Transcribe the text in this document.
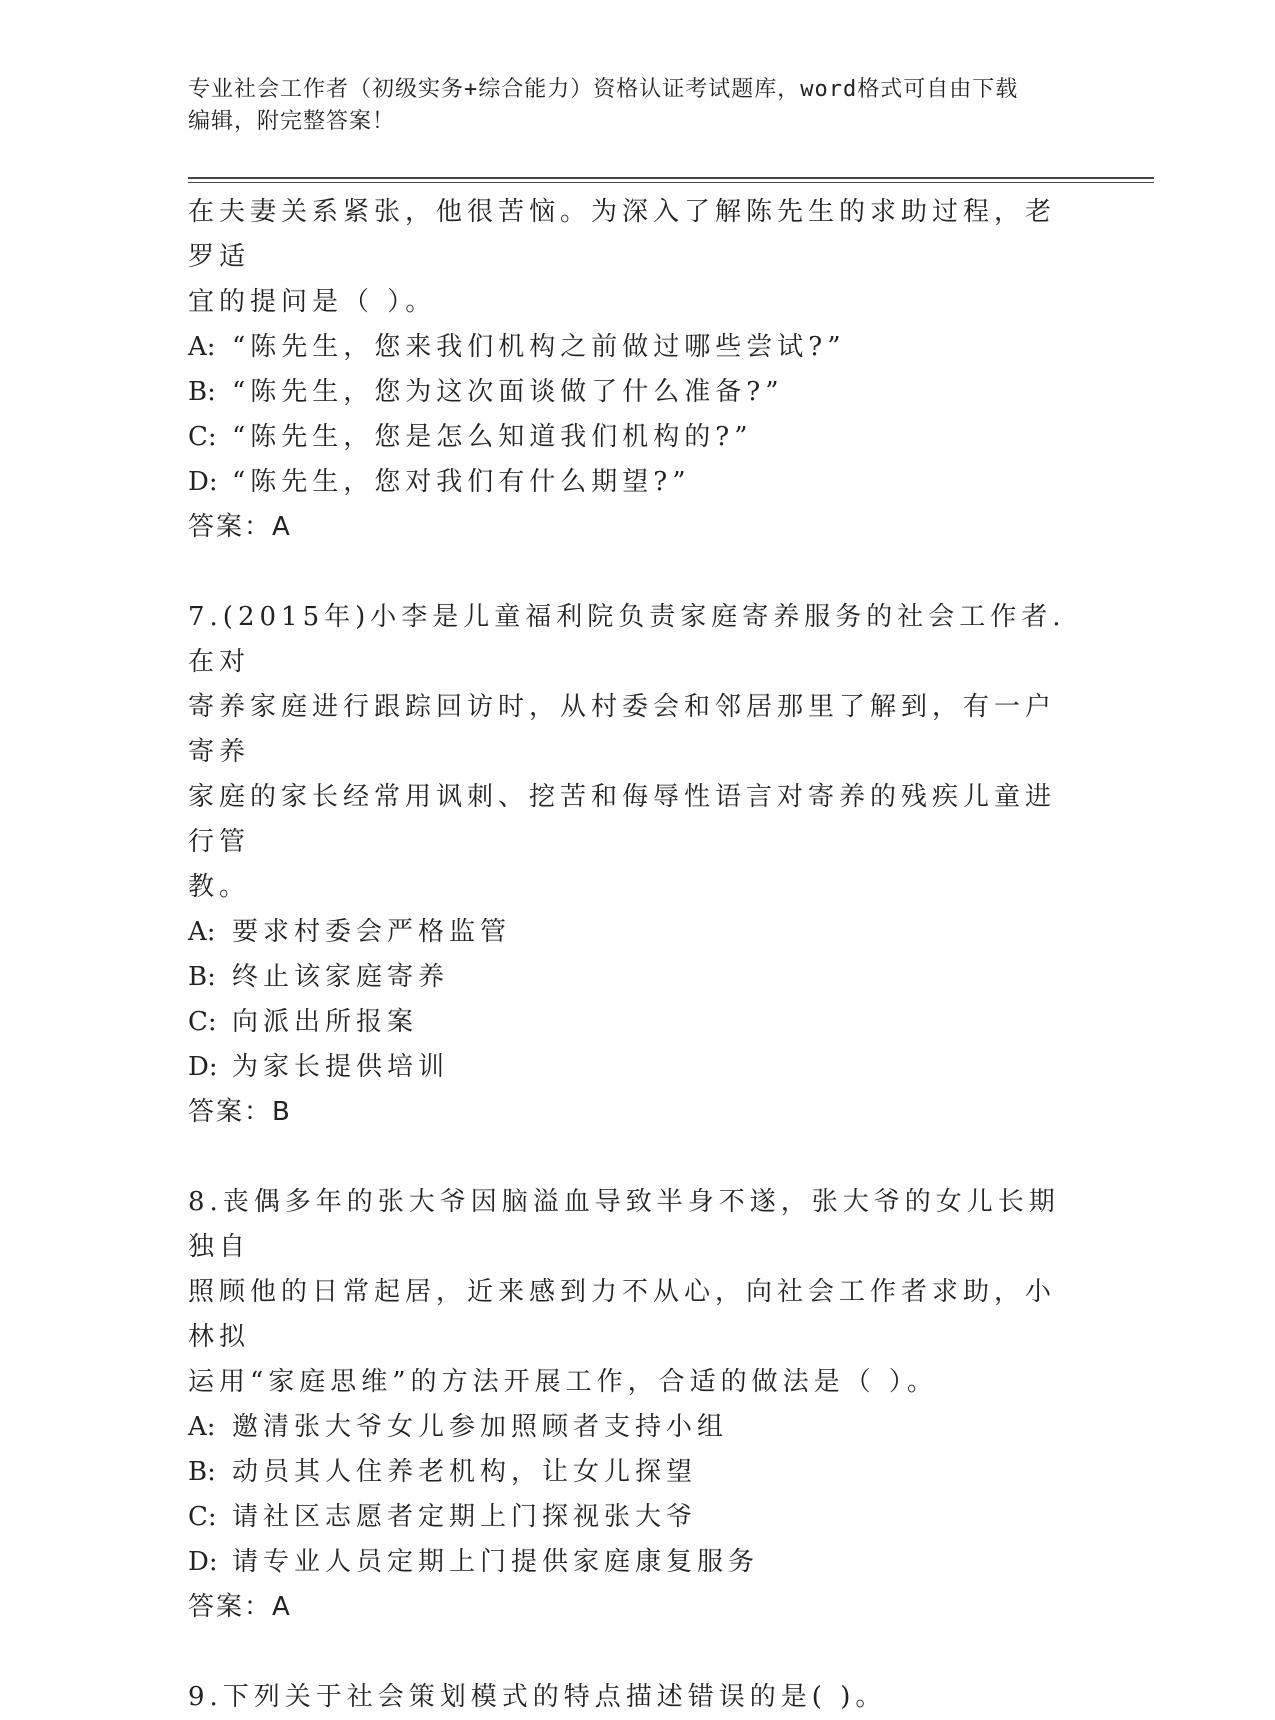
专业社会工作者（初级实务+综合能力）资格认证考试题库，word格式可自由下载
编辑，附完整答案！

在夫妻关系紧张，他很苦恼。为深入了解陈先生的求助过程，老罗适

宜的提问是（ ）。

A: “陈先生，您来我们机构之前做过哪些尝试?”

B: “陈先生，您为这次面谈做了什么准备?”

C: “陈先生，您是怎么知道我们机构的?”

D: “陈先生，您对我们有什么期望?”

答案：A

7.(2015年)小李是儿童福利院负责家庭寄养服务的社会工作者.在对

寄养家庭进行跟踪回访时，从村委会和邻居那里了解到，有一户寄养

家庭的家长经常用讽刺、挖苦和侮辱性语言对寄养的残疾儿童进行管

教。

A: 要求村委会严格监管

B: 终止该家庭寄养

C: 向派出所报案

D: 为家长提供培训

答案：B

8.丧偶多年的张大爷因脑溢血导致半身不遂，张大爷的女儿长期独自

照顾他的日常起居，近来感到力不从心，向社会工作者求助，小林拟

运用“家庭思维”的方法开展工作，合适的做法是（ ）。

A: 邀清张大爷女儿参加照顾者支持小组

B: 动员其人住养老机构，让女儿探望

C: 请社区志愿者定期上门探视张大爷

D: 请专业人员定期上门提供家庭康复服务

答案：A

9.下列关于社会策划模式的特点描述错误的是( )。
